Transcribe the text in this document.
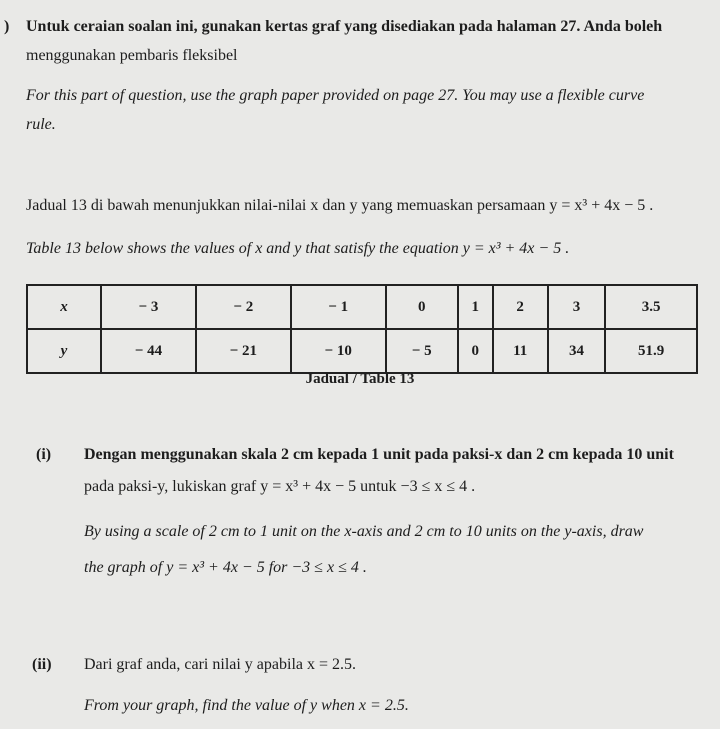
) Untuk ceraian soalan ini, gunakan kertas graf yang disediakan pada halaman 27. Anda boleh
menggunakan pembaris fleksibel
For this part of question, use the graph paper provided on page 27. You may use a flexible curve
rule.
Jadual 13 di bawah menunjukkan nilai-nilai x dan y yang memuaskan persamaan y = x³ + 4x − 5 .
Table 13 below shows the values of x and y that satisfy the equation y = x³ + 4x − 5 .
x	− 3	− 2	− 1	0	1	2	3	3.5
y	− 44	− 21	− 10	− 5	0	11	34	51.9
Jadual / Table 13
(i) Dengan menggunakan skala 2 cm kepada 1 unit pada paksi-x dan 2 cm kepada 10 unit
pada paksi-y, lukiskan graf y = x³ + 4x − 5 untuk −3 ≤ x ≤ 4 .
By using a scale of 2 cm to 1 unit on the x-axis and 2 cm to 10 units on the y-axis, draw
the graph of y = x³ + 4x − 5 for −3 ≤ x ≤ 4 .
(ii) Dari graf anda, cari nilai y apabila x = 2.5.
From your graph, find the value of y when x = 2.5.
